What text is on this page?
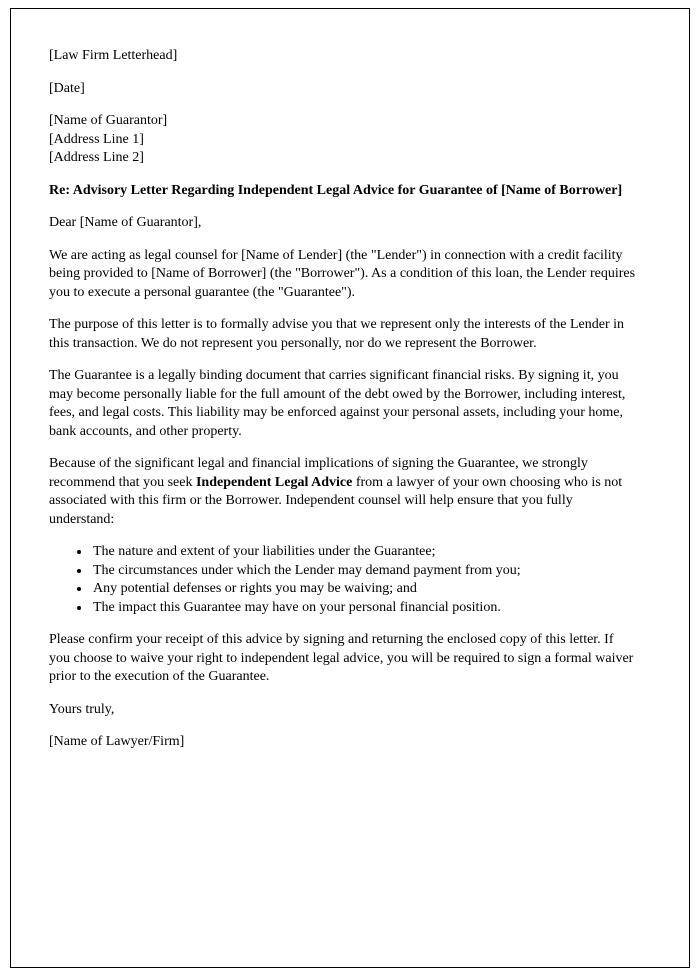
[Law Firm Letterhead]

[Date]

[Name of Guarantor]
[Address Line 1]
[Address Line 2]

Re: Advisory Letter Regarding Independent Legal Advice for Guarantee of [Name of Borrower]

Dear [Name of Guarantor],

We are acting as legal counsel for [Name of Lender] (the "Lender") in connection with a credit facility being provided to [Name of Borrower] (the "Borrower"). As a condition of this loan, the Lender requires you to execute a personal guarantee (the "Guarantee").

The purpose of this letter is to formally advise you that we represent only the interests of the Lender in this transaction. We do not represent you personally, nor do we represent the Borrower.

The Guarantee is a legally binding document that carries significant financial risks. By signing it, you may become personally liable for the full amount of the debt owed by the Borrower, including interest, fees, and legal costs. This liability may be enforced against your personal assets, including your home, bank accounts, and other property.

Because of the significant legal and financial implications of signing the Guarantee, we strongly recommend that you seek Independent Legal Advice from a lawyer of your own choosing who is not associated with this firm or the Borrower. Independent counsel will help ensure that you fully understand:

• The nature and extent of your liabilities under the Guarantee;
• The circumstances under which the Lender may demand payment from you;
• Any potential defenses or rights you may be waiving; and
• The impact this Guarantee may have on your personal financial position.

Please confirm your receipt of this advice by signing and returning the enclosed copy of this letter. If you choose to waive your right to independent legal advice, you will be required to sign a formal waiver prior to the execution of the Guarantee.

Yours truly,

[Name of Lawyer/Firm]
